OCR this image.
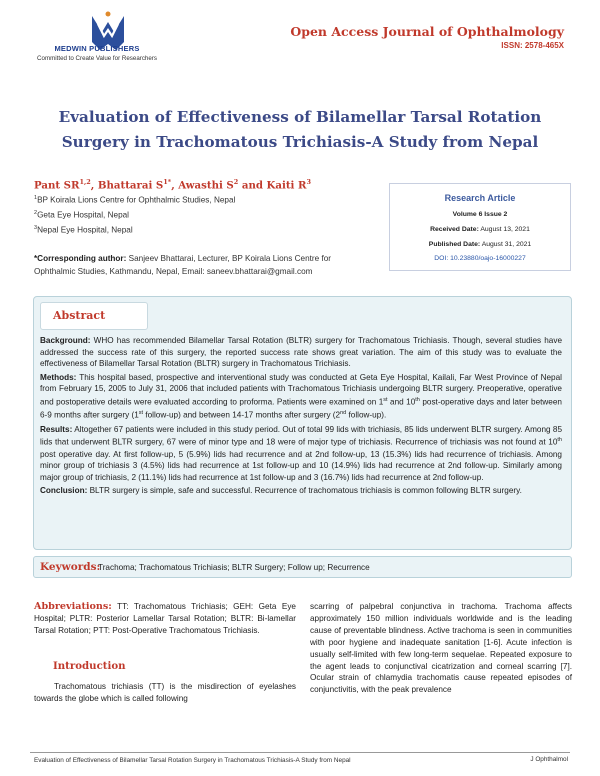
MEDWIN PUBLISHERS
Committed to Create Value for Researchers
Open Access Journal of Ophthalmology
ISSN: 2578-465X
Evaluation of Effectiveness of Bilamellar Tarsal Rotation Surgery in Trachomatous Trichiasis-A Study from Nepal
Pant SR$^{1,2}$, Bhattarai $S^{1*}$, Awasthi $S^2$ and Kaiti $R^3$
$^1$BP Koirala Lions Centre for Ophthalmic Studies, Nepal
$^2$Geta Eye Hospital, Nepal
$^3$Nepal Eye Hospital, Nepal
*Corresponding author: Sanjeev Bhattarai, Lecturer, BP Koirala Lions Centre for Ophthalmic Studies, Kathmandu, Nepal, Email: saneev.bhattarai@gmail.com
Research Article
Volume 6 Issue 2
Received Date: August 13, 2021
Published Date: August 31, 2021
DOI: 10.23880/oajo-16000227
Abstract

Background: WHO has recommended Bilamellar Tarsal Rotation (BLTR) surgery for Trachomatous Trichiasis. Though, several studies have addressed the success rate of this surgery, the reported success rate shows great variation. The aim of this study was to evaluate the effectiveness of Bilamellar Tarsal Rotation (BLTR) surgery in Trachomatous Trichiasis.

Methods: This hospital based, prospective and interventional study was conducted at Geta Eye Hospital, Kailali, Far West Province of Nepal from February 15, 2005 to July 31, 2006 that included patients with Trachomatous Trichiasis undergoing BLTR surgery. Preoperative, operative and postoperative details were evaluated according to proforma. Patients were examined on 1st and 10th post-operative days and later between 6-9 months after surgery (1st follow-up) and between 14-17 months after surgery (2nd follow-up).

Results: Altogether 67 patients were included in this study period. Out of total 99 lids with trichiasis, 85 lids underwent BLTR surgery. Among 85 lids that underwent BLTR surgery, 67 were of minor type and 18 were of major type of trichiasis. Recurrence of trichiasis was not found at 10th post operative day. At first follow-up, 5 (5.9%) lids had recurrence and at 2nd follow-up, 13 (15.3%) lids had recurrence of trichiasis. Among minor group of trichiasis 3 (4.5%) lids had recurrence at 1st follow-up and 10 (14.9%) lids had recurrence at 2nd follow-up. Similarly among major group of trichiasis, 2 (11.1%) lids had recurrence at 1st follow-up and 3 (16.7%) lids had recurrence at 2nd follow-up.

Conclusion: BLTR surgery is simple, safe and successful. Recurrence of trachomatous trichiasis is common following BLTR surgery.

Keywords:
Trachoma; Trachomatous Trichiasis; BLTR Surgery; Follow up; Recurrence
Abbreviations: TT: Trachomatous Trichiasis; GEH: Geta Eye Hospital; PLTR: Posterior Lamellar Tarsal Rotation; BLTR: Bi-lamellar Tarsal Rotation; PTT: Post-Operative Trachomatous Trichiasis.
Introduction
Trachomatous trichiasis (TT) is the misdirection of eyelashes towards the globe which is called following
scarring of palpebral conjunctiva in trachoma. Trachoma affects approximately 150 million individuals worldwide and is the leading cause of preventable blindness. Active trachoma is seen in communities with poor hygiene and inadequate sanitation [1-6]. Acute infection is usually self-limited with few long-term sequelae. Repeated exposure to the agent leads to conjunctival cicatrization and corneal scarring [7]. Ocular strain of chlamydia trachomatis cause repeated episodes of conjunctivitis, with the peak prevalence
Evaluation of Effectiveness of Bilamellar Tarsal Rotation Surgery in Trachomatous Trichiasis-A Study from Nepal	J Ophthalmol
